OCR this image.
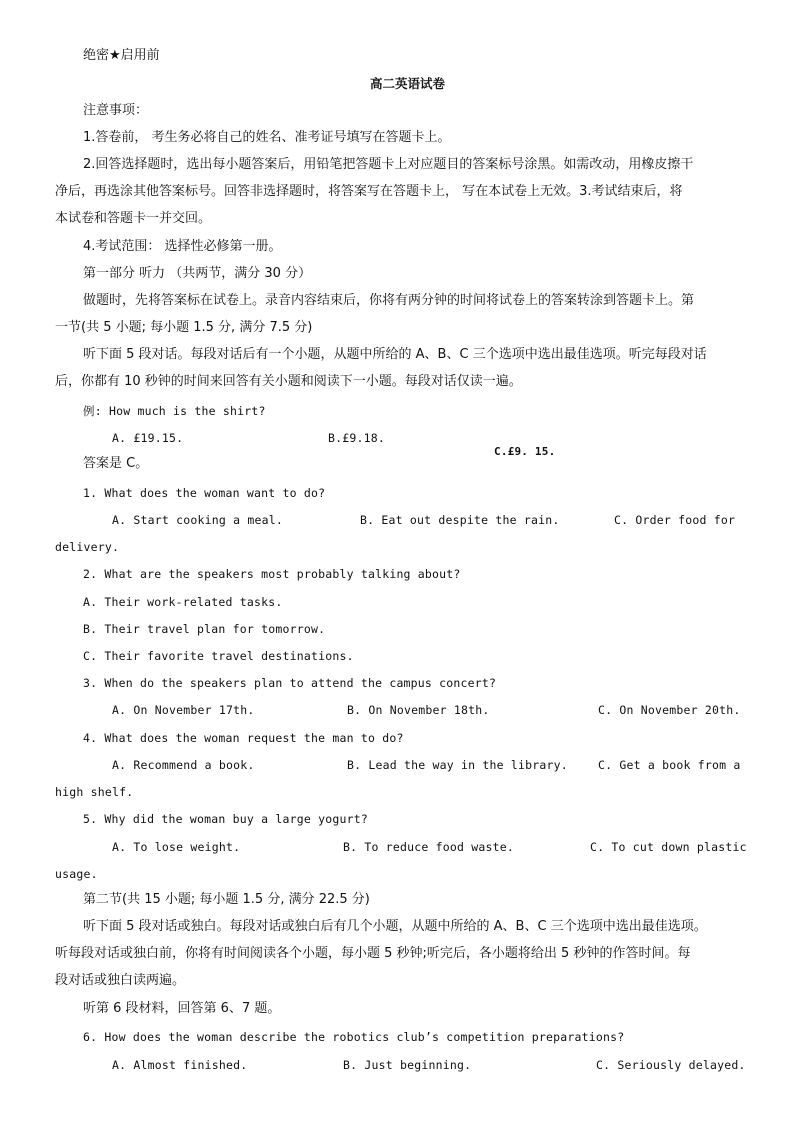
绝密★启用前
高二英语试卷
注意事项：
1.答卷前， 考生务必将自己的姓名、准考证号填写在答题卡上。
2.回答选择题时，选出每小题答案后，用铅笔把答题卡上对应题目的答案标号涂黑。如需改动，用橡皮擦干
净后，再选涂其他答案标号。回答非选择题时，将答案写在答题卡上， 写在本试卷上无效。3.考试结束后，将
本试卷和答题卡一并交回。
4.考试范围： 选择性必修第一册。
第一部分 听力 （共两节，满分 30 分）
做题时，先将答案标在试卷上。录音内容结束后，你将有两分钟的时间将试卷上的答案转涂到答题卡上。第
一节(共 5 小题; 每小题 1.5 分, 满分 7.5 分)
听下面 5 段对话。每段对话后有一个小题，从题中所给的 A、B、C 三个选项中选出最佳选项。听完每段对话
后，你都有 10 秒钟的时间来回答有关小题和阅读下一小题。每段对话仅读一遍。
例: How much is the shirt?
A. £19.15.	B.£9.18.
C.£9. 15.
答案是 C。
1. What does the woman want to do?
A. Start cooking a meal.	B. Eat out despite the rain.	C. Order food for
delivery.
2. What are the speakers most probably talking about?
A. Their work-related tasks.
B. Their travel plan for tomorrow.
C. Their favorite travel destinations.
3. When do the speakers plan to attend the campus concert?
A. On November 17th.	B. On November 18th.	C. On November 20th.
4. What does the woman request the man to do?
A. Recommend a book.	B. Lead the way in the library.	C. Get a book from a
high shelf.
5. Why did the woman buy a large yogurt?
A. To lose weight.	B. To reduce food waste.	C. To cut down plastic
usage.
第二节(共 15 小题; 每小题 1.5 分, 满分 22.5 分)
听下面 5 段对话或独白。每段对话或独白后有几个小题，从题中所给的 A、B、C 三个选项中选出最佳选项。
听每段对话或独白前，你将有时间阅读各个小题，每小题 5 秒钟;听完后，各小题将给出 5 秒钟的作答时间。每
段对话或独白读两遍。
听第 6 段材料，回答第 6、7 题。
6. How does the woman describe the robotics club’s competition preparations?
A. Almost finished.	B. Just beginning.	C. Seriously delayed.
